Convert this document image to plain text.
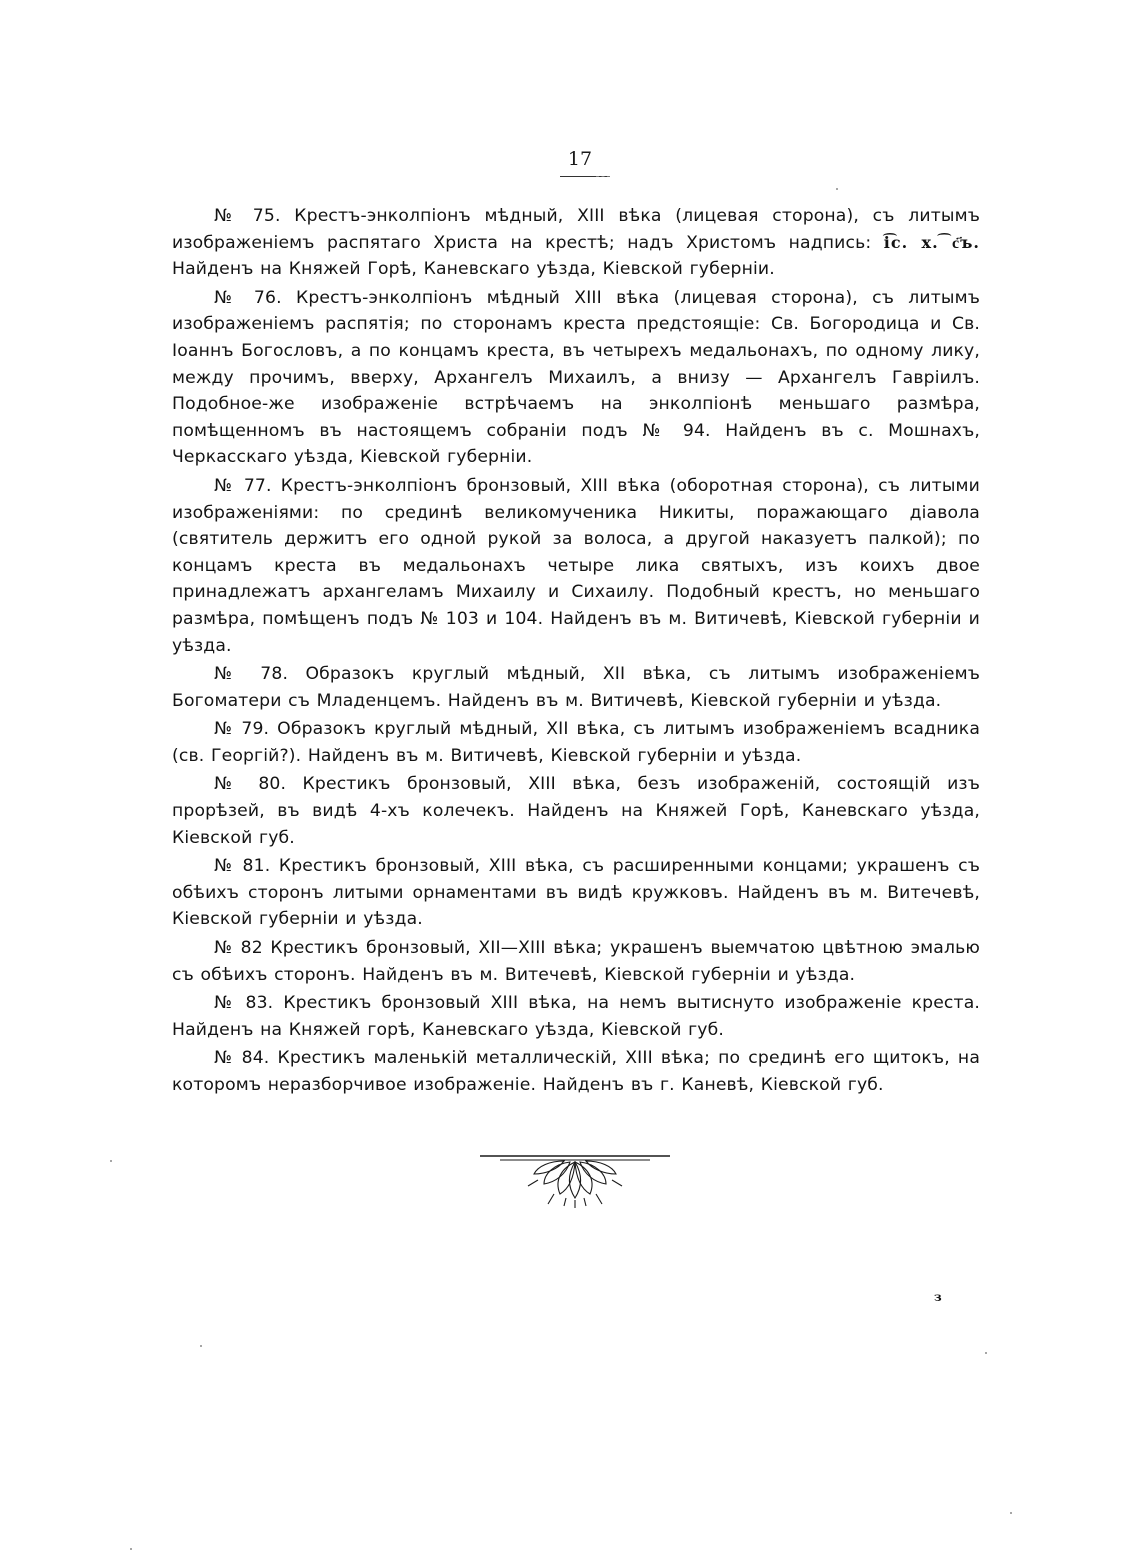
17

№ 75. Крестъ-энколпіонъ мѣдный, XIII вѣка (лицевая сторона), съ литымъ изображеніемъ распятаго Христа на крестѣ; надъ Христомъ надпись: і͡с. х. ͡с҃ъ. Найденъ на Княжей Горѣ, Каневскаго уѣзда, Кіевской губерніи.

№ 76. Крестъ-энколпіонъ мѣдный XIII вѣка (лицевая сторона), съ литымъ изображеніемъ распятія; по сторонамъ креста предстоящіе: Св. Богородица и Св. Іоаннъ Богословъ, а по концамъ креста, въ четырехъ медальонахъ, по одному лику, между прочимъ, вверху, Архангелъ Михаилъ, а внизу — Архангелъ Гавріилъ. Подобное-же изображеніе встрѣчаемъ на энколпіонѣ меньшаго размѣра, помѣщенномъ въ настоящемъ собраніи подъ № 94. Найденъ въ с. Мошнахъ, Черкасскаго уѣзда, Кіевской губерніи.

№ 77. Крестъ-энколпіонъ бронзовый, XIII вѣка (оборотная сторона), съ литыми изображеніями: по срединѣ великомученика Никиты, поражающаго діавола (святитель держитъ его одной рукой за волоса, а другой наказуетъ палкой); по концамъ креста въ медальонахъ четыре лика святыхъ, изъ коихъ двое принадлежатъ архангеламъ Михаилу и Сихаилу. Подобный крестъ, но меньшаго размѣра, помѣщенъ подъ № 103 и 104. Найденъ въ м. Витичевѣ, Кіевской губерніи и уѣзда.

№ 78. Образокъ круглый мѣдный, XII вѣка, съ литымъ изображеніемъ Богоматери съ Младенцемъ. Найденъ въ м. Витичевѣ, Кіевской губерніи и уѣзда.

№ 79. Образокъ круглый мѣдный, XII вѣка, съ литымъ изображеніемъ всадника (св. Георгій?). Найденъ въ м. Витичевѣ, Кіевской губерніи и уѣзда.

№ 80. Крестикъ бронзовый, XIII вѣка, безъ изображеній, состоящій изъ прорѣзей, въ видѣ 4-хъ колечекъ. Найденъ на Княжей Горѣ, Каневскаго уѣзда, Кіевской губ.

№ 81. Крестикъ бронзовый, XIII вѣка, съ расширенными концами; украшенъ съ обѣихъ сторонъ литыми орнаментами въ видѣ кружковъ. Найденъ въ м. Витечевѣ, Кіевской губерніи и уѣзда.

№ 82 Крестикъ бронзовый, XII—XIII вѣка; украшенъ выемчатою цвѣтною эмалью съ обѣихъ сторонъ. Найденъ въ м. Витечевѣ, Кіевской губерніи и уѣзда.

№ 83. Крестикъ бронзовый XIII вѣка, на немъ вытиснуто изображеніе креста. Найденъ на Княжей горѣ, Каневскаго уѣзда, Кіевской губ.

№ 84. Крестикъ маленькій металлическій, XIII вѣка; по срединѣ его щитокъ, на которомъ неразборчивое изображеніе. Найденъ въ г. Каневѣ, Кіевской губ.

з
